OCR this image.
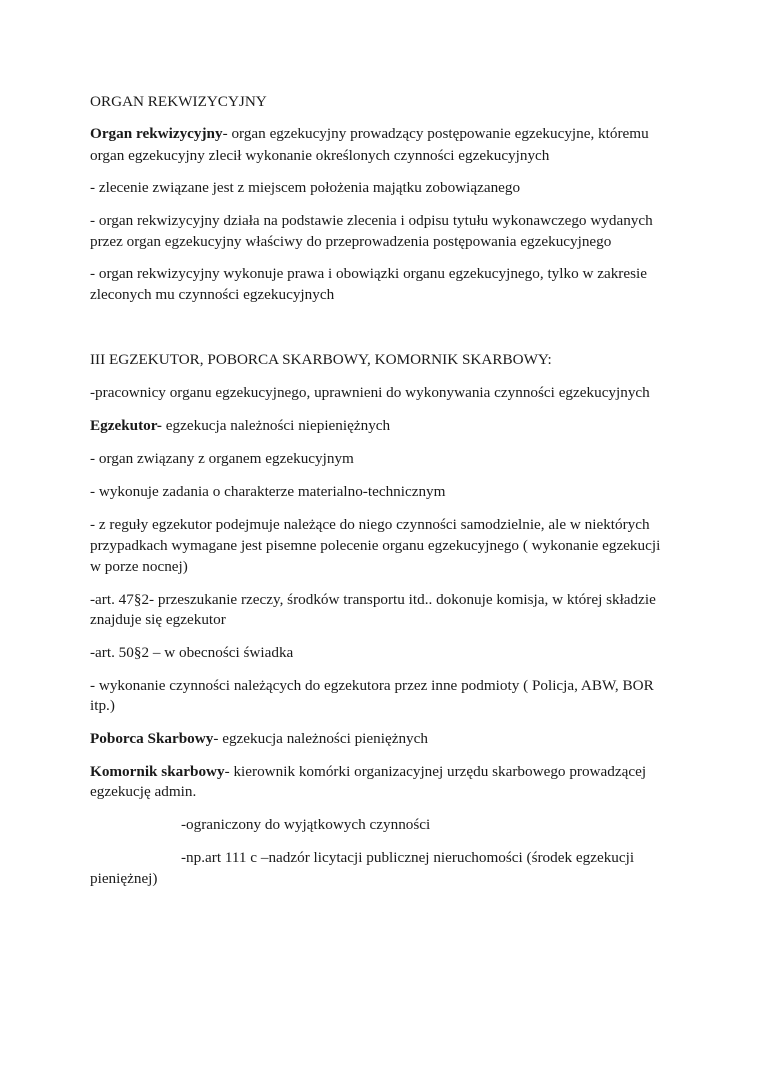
ORGAN REKWIZYCYJNY

Organ rekwizycyjny- organ egzekucyjny prowadzący postępowanie egzekucyjne, któremu

organ egzekucyjny zlecił wykonanie określonych czynności egzekucyjnych

- zlecenie związane jest z miejscem położenia majątku zobowiązanego

- organ rekwizycyjny działa na podstawie zlecenia i odpisu tytułu wykonawczego wydanych

przez organ egzekucyjny właściwy do przeprowadzenia postępowania egzekucyjnego

- organ rekwizycyjny wykonuje prawa i obowiązki organu egzekucyjnego, tylko w zakresie

zleconych mu czynności egzekucyjnych

III EGZEKUTOR, POBORCA SKARBOWY, KOMORNIK SKARBOWY:

-pracownicy organu egzekucyjnego, uprawnieni do wykonywania czynności egzekucyjnych

Egzekutor- egzekucja należności niepieniężnych

- organ związany z organem egzekucyjnym

- wykonuje zadania o charakterze materialno-technicznym

- z reguły egzekutor podejmuje należące do niego czynności samodzielnie, ale w niektórych

przypadkach wymagane jest pisemne polecenie organu egzekucyjnego ( wykonanie egzekucji

w porze nocnej)

-art. 47§2- przeszukanie rzeczy, środków transportu itd.. dokonuje komisja, w której składzie

znajduje się egzekutor

-art. 50§2 – w obecności świadka

- wykonanie czynności należących do egzekutora przez inne podmioty ( Policja, ABW, BOR

itp.)

Poborca Skarbowy- egzekucja należności pieniężnych

Komornik skarbowy- kierownik komórki organizacyjnej urzędu skarbowego prowadzącej

egzekucję admin.

-ograniczony do wyjątkowych czynności

-np.art 111 c –nadzór licytacji publicznej nieruchomości (środek egzekucji

pieniężnej)
